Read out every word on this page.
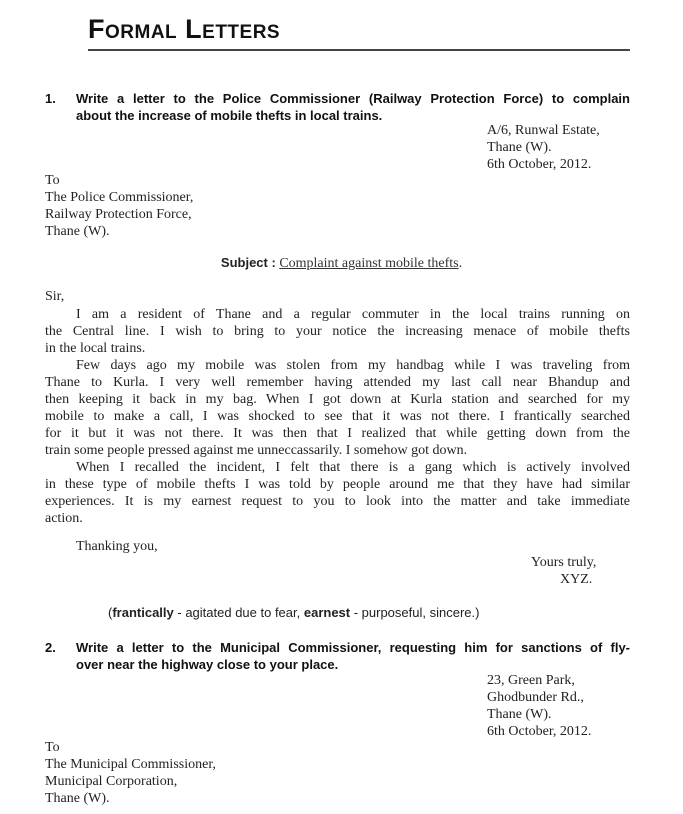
Formal Letters
1. Write a letter to the Police Commissioner (Railway Protection Force) to complain
about the increase of mobile thefts in local trains.
A/6, Runwal Estate,
Thane (W).
6th October, 2012.
To
The Police Commissioner,
Railway Protection Force,
Thane (W).
Subject : Complaint against mobile thefts.
Sir,
I am a resident of Thane and a regular commuter in the local trains running on
the Central line. I wish to bring to your notice the increasing menace of mobile thefts
in the local trains.
Few days ago my mobile was stolen from my handbag while I was traveling from
Thane to Kurla. I very well remember having attended my last call near Bhandup and
then keeping it back in my bag. When I got down at Kurla station and searched for my
mobile to make a call, I was shocked to see that it was not there. I frantically searched
for it but it was not there. It was then that I realized that while getting down from the
train some people pressed against me unneccassarily. I somehow got down.
When I recalled the incident, I felt that there is a gang which is actively involved
in these type of mobile thefts I was told by people around me that they have had similar
experiences. It is my earnest request to you to look into the matter and take immediate
action.
Thanking you,
Yours truly,
XYZ.
(frantically - agitated due to fear, earnest - purposeful, sincere.)
2. Write a letter to the Municipal Commissioner, requesting him for sanctions of fly-
over near the highway close to your place.
23, Green Park,
Ghodbunder Rd.,
Thane (W).
6th October, 2012.
To
The Municipal Commissioner,
Municipal Corporation,
Thane (W).
